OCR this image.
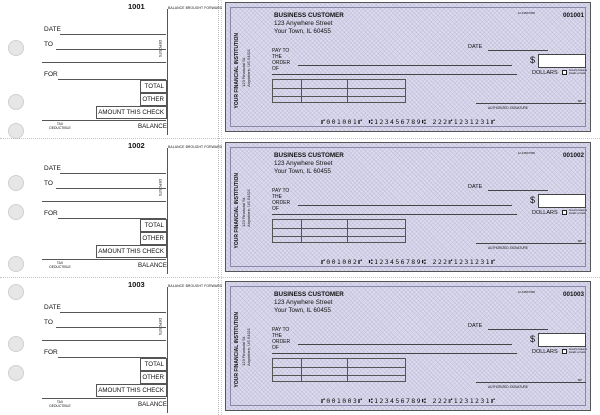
1001	BALANCE BROUGHT FORWARD
DEPOSITS
DATE
TO
FOR
TOTAL
OTHER
AMOUNT THIS CHECK
TAX DEDUCTIBLE	BALANCE
YOUR FINANCIAL INSTITUTION 123 Financial St.
Anywhere, US 54321
BUSINESS CUSTOMER
123 Anywhere Street
Your Town, IL 60455
12-3456/7890	001001
DATE
PAY TO THE ORDER OF
$
DOLLARS	Security features. Details on back.
MP
AUTHORIZED SIGNATURE
⑈001001⑈ ⑆123456789⑆ 222⑈1231231⑈
1002	BALANCE BROUGHT FORWARD
DEPOSITS
DATE
TO
FOR
TOTAL
OTHER
AMOUNT THIS CHECK
TAX DEDUCTIBLE	BALANCE
YOUR FINANCIAL INSTITUTION 123 Financial St.
Anywhere, US 54321
BUSINESS CUSTOMER
123 Anywhere Street
Your Town, IL 60455
12-3456/7890	001002
DATE
PAY TO THE ORDER OF
$
DOLLARS	Security features. Details on back.
MP
AUTHORIZED SIGNATURE
⑈001002⑈ ⑆123456789⑆ 222⑈1231231⑈
1003	BALANCE BROUGHT FORWARD
DEPOSITS
DATE
TO
FOR
TOTAL
OTHER
AMOUNT THIS CHECK
TAX DEDUCTIBLE	BALANCE
YOUR FINANCIAL INSTITUTION 123 Financial St.
Anywhere, US 54321
BUSINESS CUSTOMER
123 Anywhere Street
Your Town, IL 60455
12-3456/7890	001003
DATE
PAY TO THE ORDER OF
$
DOLLARS	Security features. Details on back.
MP
AUTHORIZED SIGNATURE
⑈001003⑈ ⑆123456789⑆ 222⑈1231231⑈
